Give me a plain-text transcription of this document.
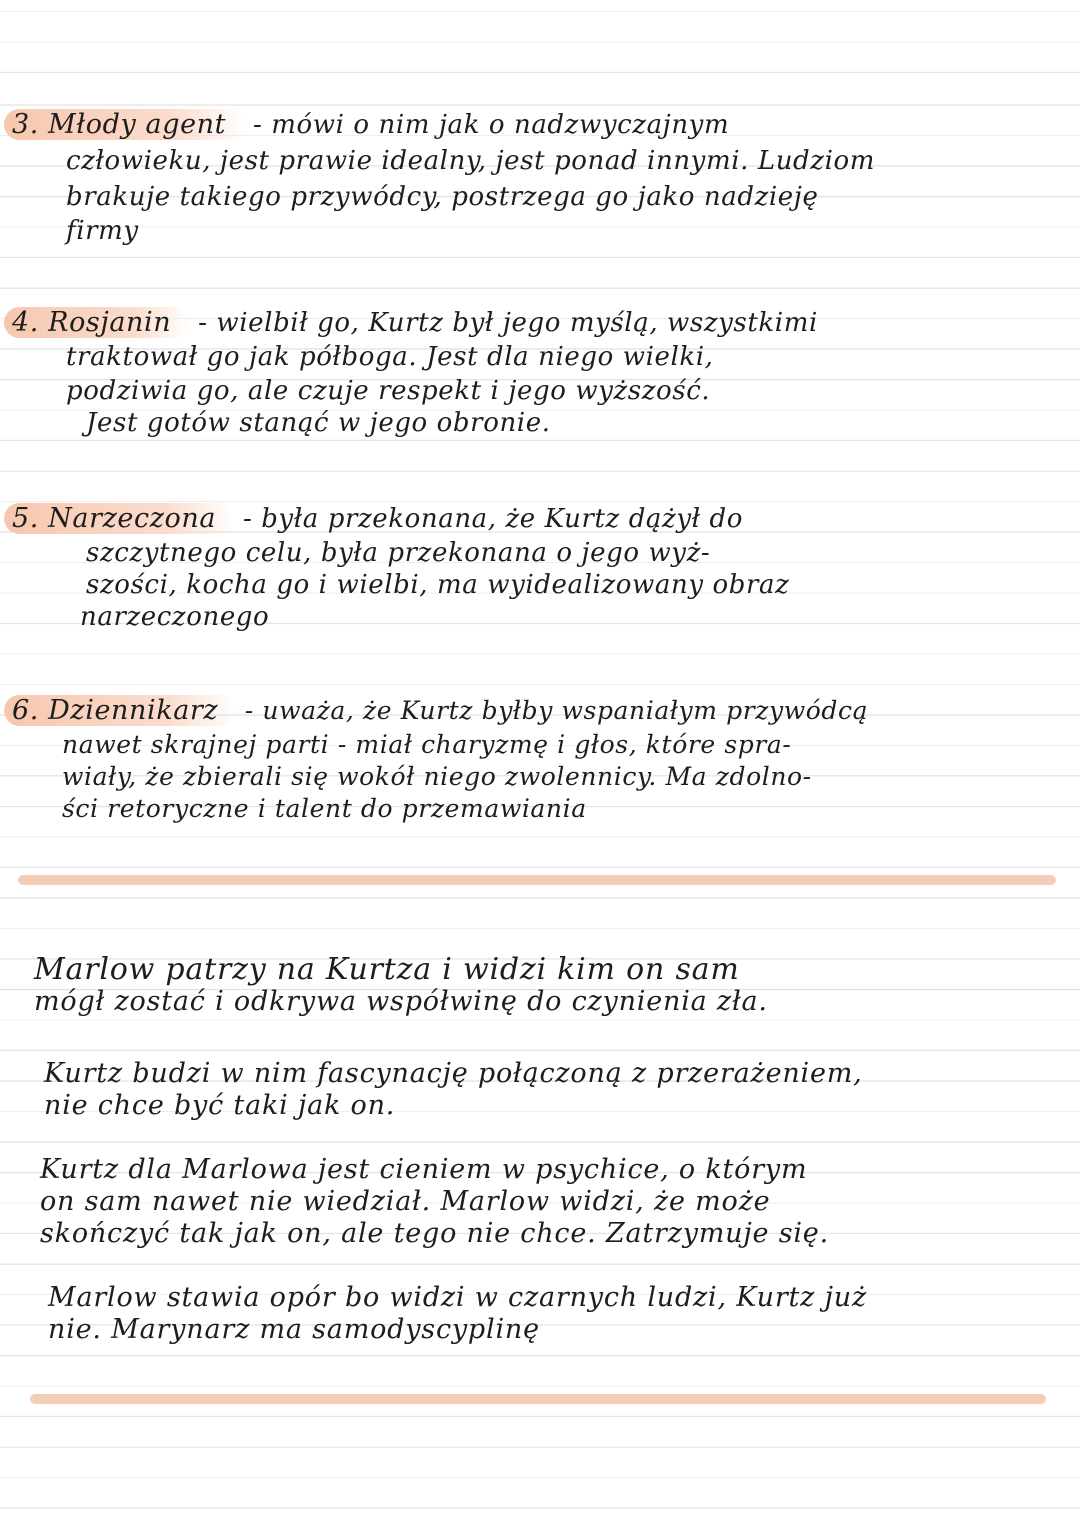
3. Młody agent - mówi o nim jak o nadzwyczajnym
człowieku, jest prawie idealny, jest ponad innymi. Ludziom
brakuje takiego przywódcy, postrzega go jako nadzieję
firmy
4. Rosjanin - wielbił go, Kurtz był jego myślą, wszystkimi
traktował go jak półboga. Jest dla niego wielki,
podziwia go, ale czuje respekt i jego wyższość.
Jest gotów stanąć w jego obronie.
5. Narzeczona - była przekonana, że Kurtz dążył do
szczytnego celu, była przekonana o jego wyż-
szości, kocha go i wielbi, ma wyidealizowany obraz
narzeczonego
6. Dziennikarz - uważa, że Kurtz byłby wspaniałym przywódcą
nawet skrajnej parti - miał charyzmę i głos, które spra-
wiały, że zbierali się wokół niego zwolennicy. Ma zdolno-
ści retoryczne i talent do przemawiania
Marlow patrzy na Kurtza i widzi kim on sam
mógł zostać i odkrywa współwinę do czynienia zła.
Kurtz budzi w nim fascynację połączoną z przerażeniem,
nie chce być taki jak on.
Kurtz dla Marlowa jest cieniem w psychice, o którym
on sam nawet nie wiedział. Marlow widzi, że może
skończyć tak jak on, ale tego nie chce. Zatrzymuje się.
Marlow stawia opór bo widzi w czarnych ludzi, Kurtz już
nie. Marynarz ma samodyscyplinę
